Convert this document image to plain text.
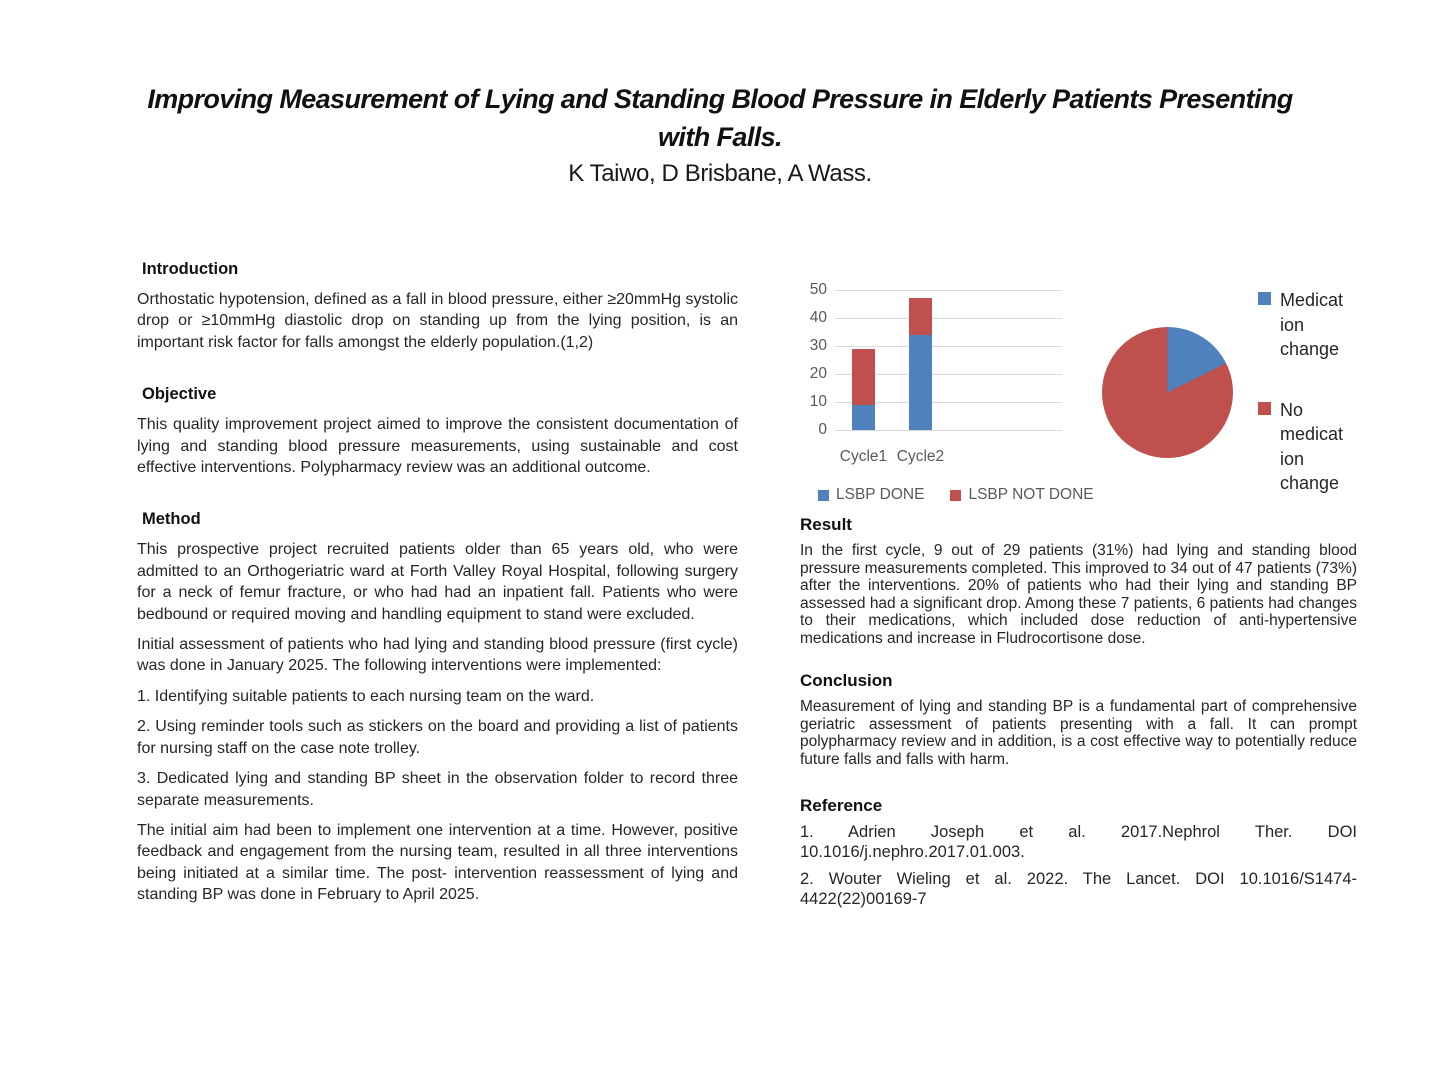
Improving Measurement of Lying and Standing Blood Pressure in Elderly Patients Presenting
with Falls.
K Taiwo, D Brisbane, A Wass.
Introduction

Orthostatic hypotension, defined as a fall in blood pressure, either ≥20mmHg systolic drop or ≥10mmHg diastolic drop on standing up from the lying position, is an important risk factor for falls amongst the elderly population.(1,2)

Objective

This quality improvement project aimed to improve the consistent documentation of lying and standing blood pressure measurements, using sustainable and cost effective interventions. Polypharmacy review was an additional outcome.

Method

This prospective project recruited patients older than 65 years old, who were admitted to an Orthogeriatric ward at Forth Valley Royal Hospital, following surgery for a neck of femur fracture, or who had had an inpatient fall. Patients who were bedbound or required moving and handling equipment to stand were excluded.

Initial assessment of patients who had lying and standing blood pressure (first cycle) was done in January 2025. The following interventions were implemented:

1. Identifying suitable patients to each nursing team on the ward.

2. Using reminder tools such as stickers on the board and providing a list of patients for nursing staff on the case note trolley.

3. Dedicated lying and standing BP sheet in the observation folder to record three separate measurements.

The initial aim had been to implement one intervention at a time. However, positive feedback and engagement from the nursing team, resulted in all three interventions being initiated at a similar time. The post- intervention reassessment of lying and standing BP was done in February to April 2025.

0
10
20
30
40
50
Cycle1 Cycle2
LSBP DONE	LSBP NOT DONE
Medicat
ion
change
No
medicat
ion
change
Result

In the first cycle, 9 out of 29 patients (31%) had lying and standing blood pressure measurements completed. This improved to 34 out of 47 patients (73%) after the interventions. 20% of patients who had their lying and standing BP assessed had a significant drop. Among these 7 patients, 6 patients had changes to their medications, which included dose reduction of anti-hypertensive medications and increase in Fludrocortisone dose.

Conclusion

Measurement of lying and standing BP is a fundamental part of comprehensive geriatric assessment of patients presenting with a fall. It can prompt polypharmacy review and in addition, is a cost effective way to potentially reduce future falls and falls with harm.

Reference

1. Adrien Joseph et al. 2017.Nephrol Ther. DOI 10.1016/j.nephro.2017.01.003.

2. Wouter Wieling et al. 2022. The Lancet. DOI 10.1016/S1474-4422(22)00169-7
